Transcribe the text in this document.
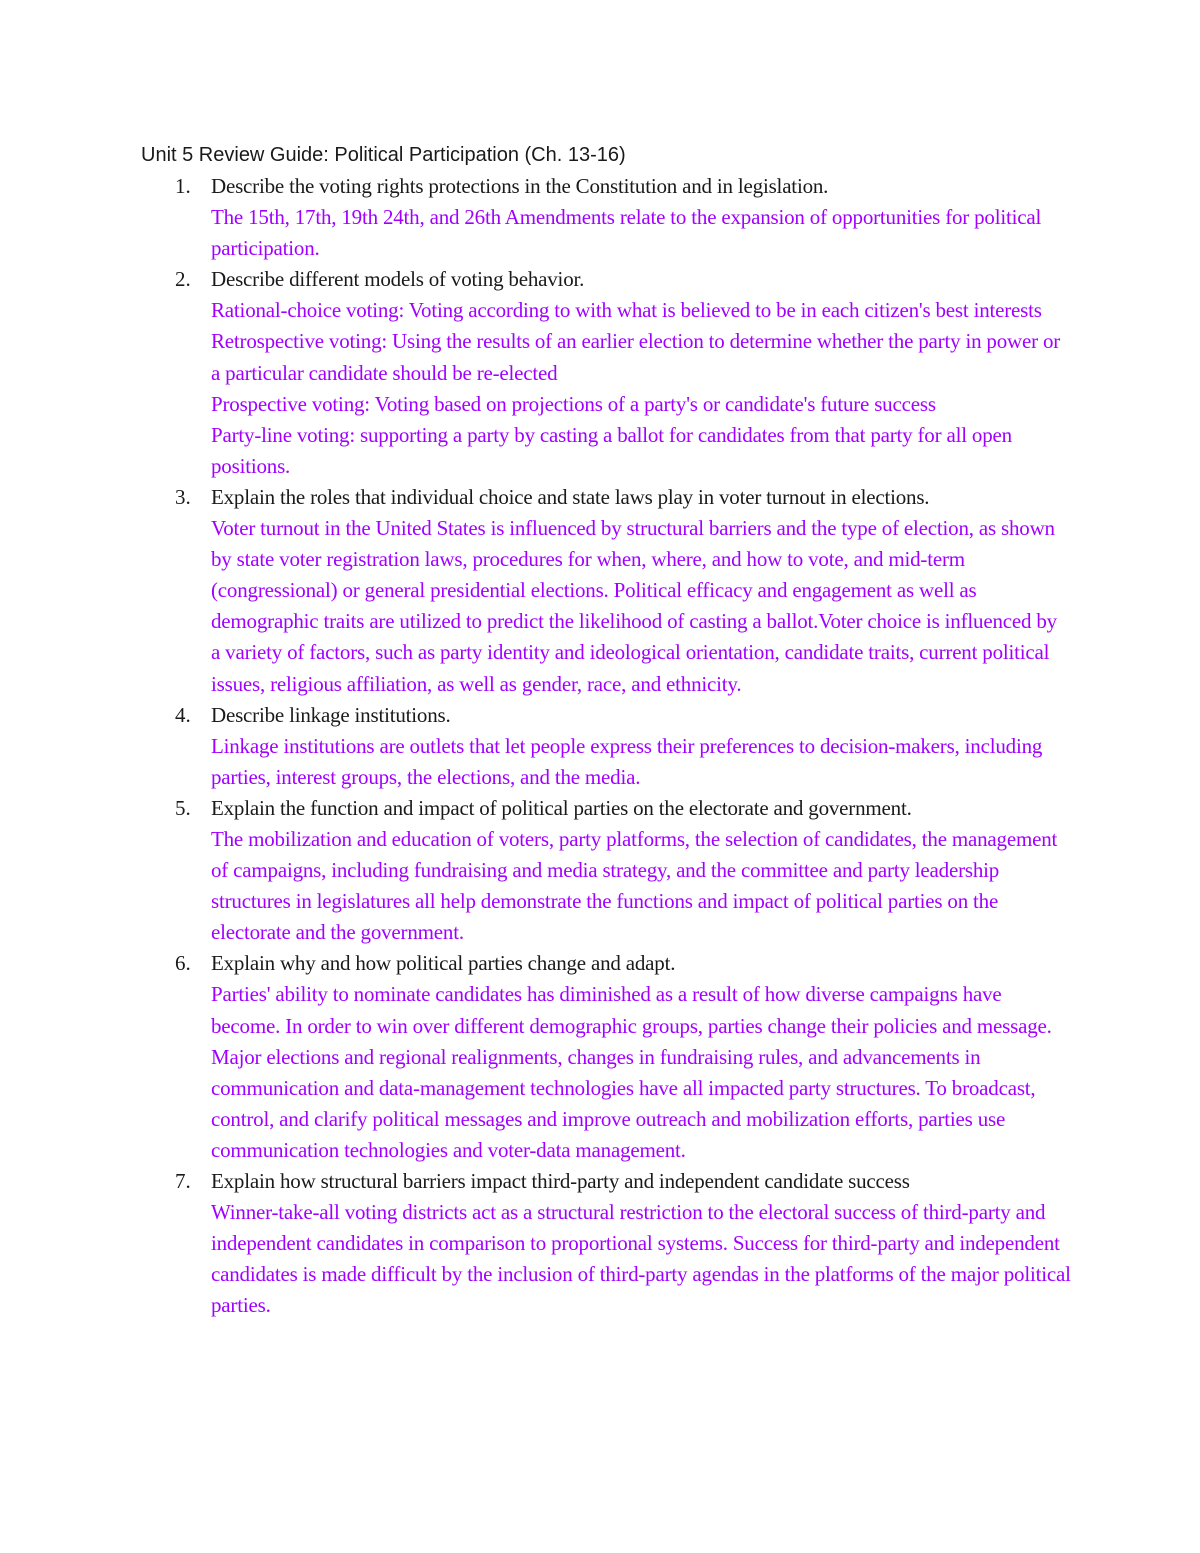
Unit 5 Review Guide: Political Participation (Ch. 13-16)
1. Describe the voting rights protections in the Constitution and in legislation.
The 15th, 17th, 19th 24th, and 26th Amendments relate to the expansion of opportunities for political participation.
2. Describe different models of voting behavior.
Rational-choice voting: Voting according to with what is believed to be in each citizen's best interests
Retrospective voting: Using the results of an earlier election to determine whether the party in power or a particular candidate should be re-elected
Prospective voting: Voting based on projections of a party's or candidate's future success
Party-line voting: supporting a party by casting a ballot for candidates from that party for all open positions.
3. Explain the roles that individual choice and state laws play in voter turnout in elections.
Voter turnout in the United States is influenced by structural barriers and the type of election, as shown by state voter registration laws, procedures for when, where, and how to vote, and mid-term (congressional) or general presidential elections. Political efficacy and engagement as well as demographic traits are utilized to predict the likelihood of casting a ballot.Voter choice is influenced by a variety of factors, such as party identity and ideological orientation, candidate traits, current political issues, religious affiliation, as well as gender, race, and ethnicity.
4. Describe linkage institutions.
Linkage institutions are outlets that let people express their preferences to decision-makers, including parties, interest groups, the elections, and the media.
5. Explain the function and impact of political parties on the electorate and government.
The mobilization and education of voters, party platforms, the selection of candidates, the management of campaigns, including fundraising and media strategy, and the committee and party leadership structures in legislatures all help demonstrate the functions and impact of political parties on the electorate and the government.
6. Explain why and how political parties change and adapt.
Parties' ability to nominate candidates has diminished as a result of how diverse campaigns have become. In order to win over different demographic groups, parties change their policies and message. Major elections and regional realignments, changes in fundraising rules, and advancements in communication and data-management technologies have all impacted party structures. To broadcast, control, and clarify political messages and improve outreach and mobilization efforts, parties use communication technologies and voter-data management.
7. Explain how structural barriers impact third-party and independent candidate success
Winner-take-all voting districts act as a structural restriction to the electoral success of third-party and independent candidates in comparison to proportional systems. Success for third-party and independent candidates is made difficult by the inclusion of third-party agendas in the platforms of the major political parties.
